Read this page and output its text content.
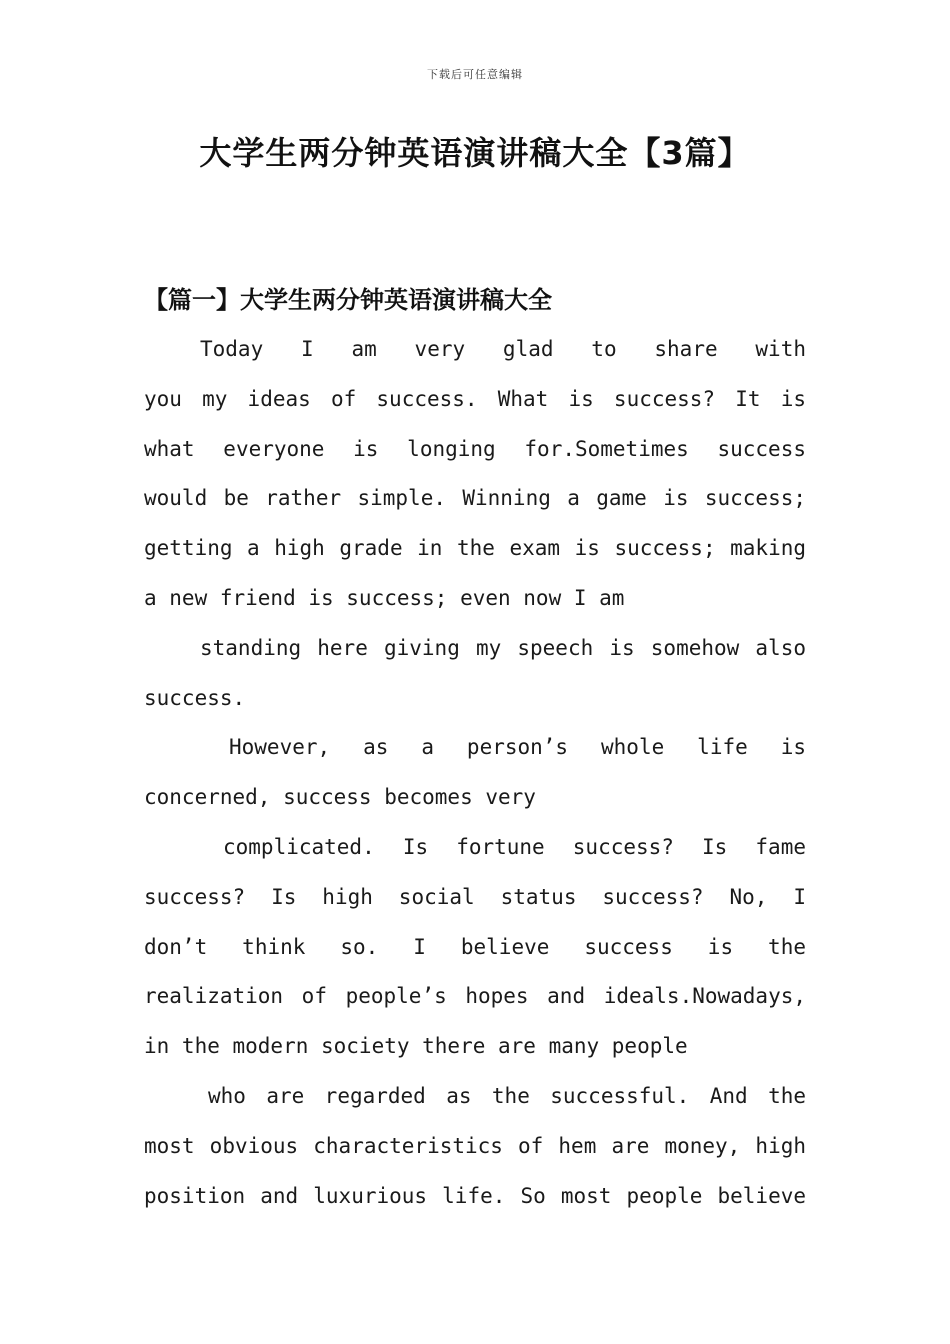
下载后可任意编辑
大学生两分钟英语演讲稿大全【3篇】
【篇一】大学生两分钟英语演讲稿大全
Today I am very glad to share with
you my ideas of success. What is success? It is
what everyone is longing for.Sometimes success
would be rather simple. Winning a game is success;
getting a high grade in the exam is success; making
a new friend is success; even now I am
standing here giving my speech is somehow also
success.
However, as a person’s whole life is
concerned, success becomes very
complicated. Is fortune success? Is fame
success? Is high social status success? No, I
don’t think so. I believe success is the
realization of people’s hopes and ideals.Nowadays,
in the modern society there are many people
who are regarded as the successful. And the
most obvious characteristics of hem are money, high
position and luxurious life. So most people believe
